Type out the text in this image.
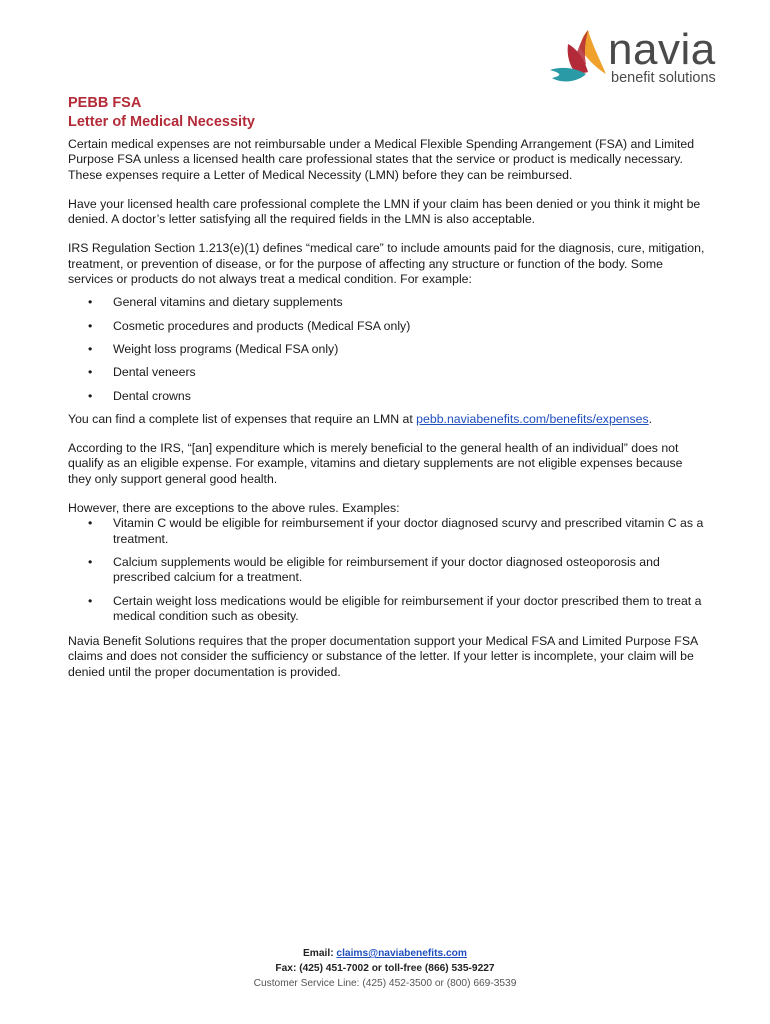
navia
benefit solutions

PEBB FSA

Letter of Medical Necessity

Certain medical expenses are not reimbursable under a Medical Flexible Spending Arrangement (FSA) and Limited Purpose FSA unless a licensed health care professional states that the service or product is medically necessary. These expenses require a Letter of Medical Necessity (LMN) before they can be reimbursed.

Have your licensed health care professional complete the LMN if your claim has been denied or you think it might be denied. A doctor’s letter satisfying all the required fields in the LMN is also acceptable.

IRS Regulation Section 1.213(e)(1) defines “medical care” to include amounts paid for the diagnosis, cure, mitigation, treatment, or prevention of disease, or for the purpose of affecting any structure or function of the body. Some services or products do not always treat a medical condition. For example:

• General vitamins and dietary supplements
• Cosmetic procedures and products (Medical FSA only)
• Weight loss programs (Medical FSA only)
• Dental veneers
• Dental crowns

You can find a complete list of expenses that require an LMN at pebb.naviabenefits.com/benefits/expenses.

According to the IRS, “[an] expenditure which is merely beneficial to the general health of an individual” does not qualify as an eligible expense. For example, vitamins and dietary supplements are not eligible expenses because they only support general good health.

However, there are exceptions to the above rules. Examples:

• Vitamin C would be eligible for reimbursement if your doctor diagnosed scurvy and prescribed vitamin C as a treatment.
• Calcium supplements would be eligible for reimbursement if your doctor diagnosed osteoporosis and prescribed calcium for a treatment.
• Certain weight loss medications would be eligible for reimbursement if your doctor prescribed them to treat a medical condition such as obesity.

Navia Benefit Solutions requires that the proper documentation support your Medical FSA and Limited Purpose FSA claims and does not consider the sufficiency or substance of the letter. If your letter is incomplete, your claim will be denied until the proper documentation is provided.

Email: claims@naviabenefits.com
Fax: (425) 451-7002 or toll-free (866) 535-9227
Customer Service Line: (425) 452-3500 or (800) 669-3539
